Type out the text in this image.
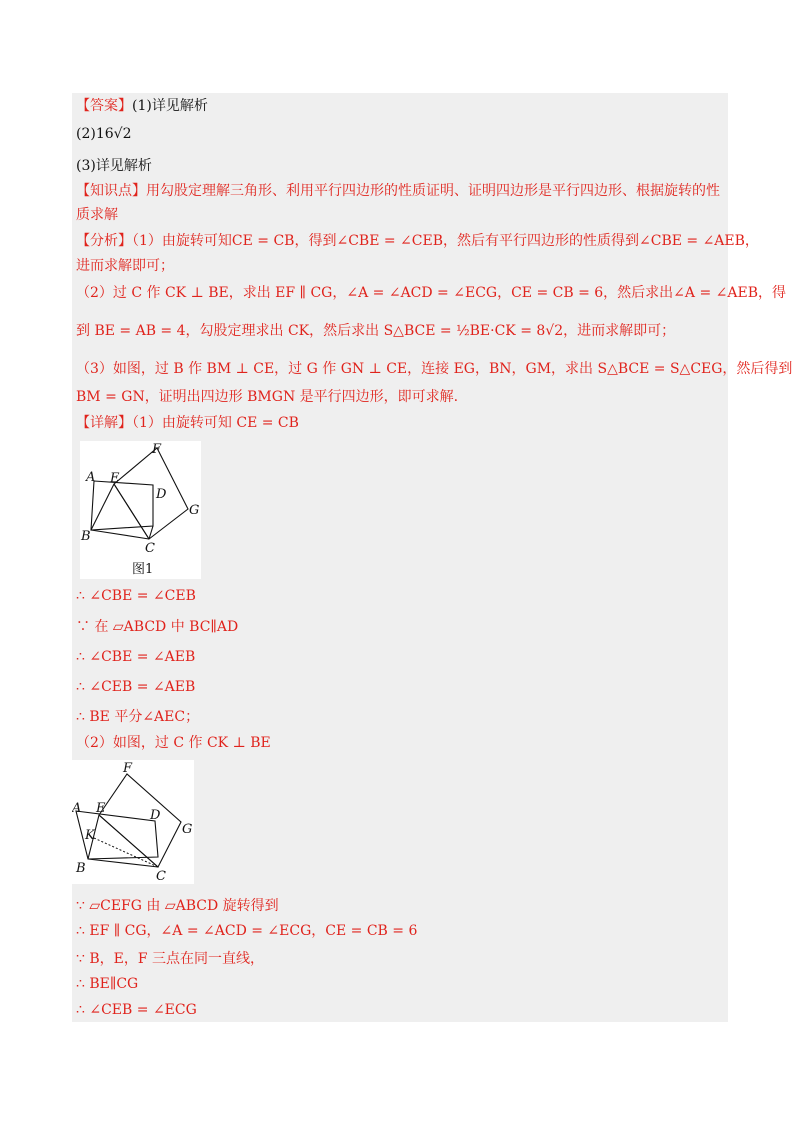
【答案】(1)详见解析
(2)16√2
(3)详见解析
【知识点】用勾股定理解三角形、利用平行四边形的性质证明、证明四边形是平行四边形、根据旋转的性
质求解
【分析】（1）由旋转可知CE = CB，得到∠CBE = ∠CEB，然后有平行四边形的性质得到∠CBE = ∠AEB，
进而求解即可；
（2）过 C 作 CK ⊥ BE，求出 EF ∥ CG，∠A = ∠ACD = ∠ECG，CE = CB = 6，然后求出∠A = ∠AEB，得
到 BE = AB = 4，勾股定理求出 CK，然后求出 S△BCE = ½BE·CK = 8√2，进而求解即可；
（3）如图，过 B 作 BM ⊥ CE，过 G 作 GN ⊥ CE，连接 EG，BN，GM，求出 S△BCE = S△CEG，然后得到
BM = GN，证明出四边形 BMGN 是平行四边形，即可求解.
【详解】（1）由旋转可知 CE = CB
F
A E
D
G
B
C
图1
∴ ∠CBE = ∠CEB
∵ 在 ▱ABCD 中 BC∥AD
∴ ∠CBE = ∠AEB
∴ ∠CEB = ∠AEB
∴ BE 平分∠AEC；
（2）如图，过 C 作 CK ⊥ BE
F
A E	D
G
K
B
C
∵ ▱CEFG 由 ▱ABCD 旋转得到
∴ EF ∥ CG，∠A = ∠ACD = ∠ECG，CE = CB = 6
∵ B，E，F 三点在同一直线，
∴ BE∥CG
∴ ∠CEB = ∠ECG
